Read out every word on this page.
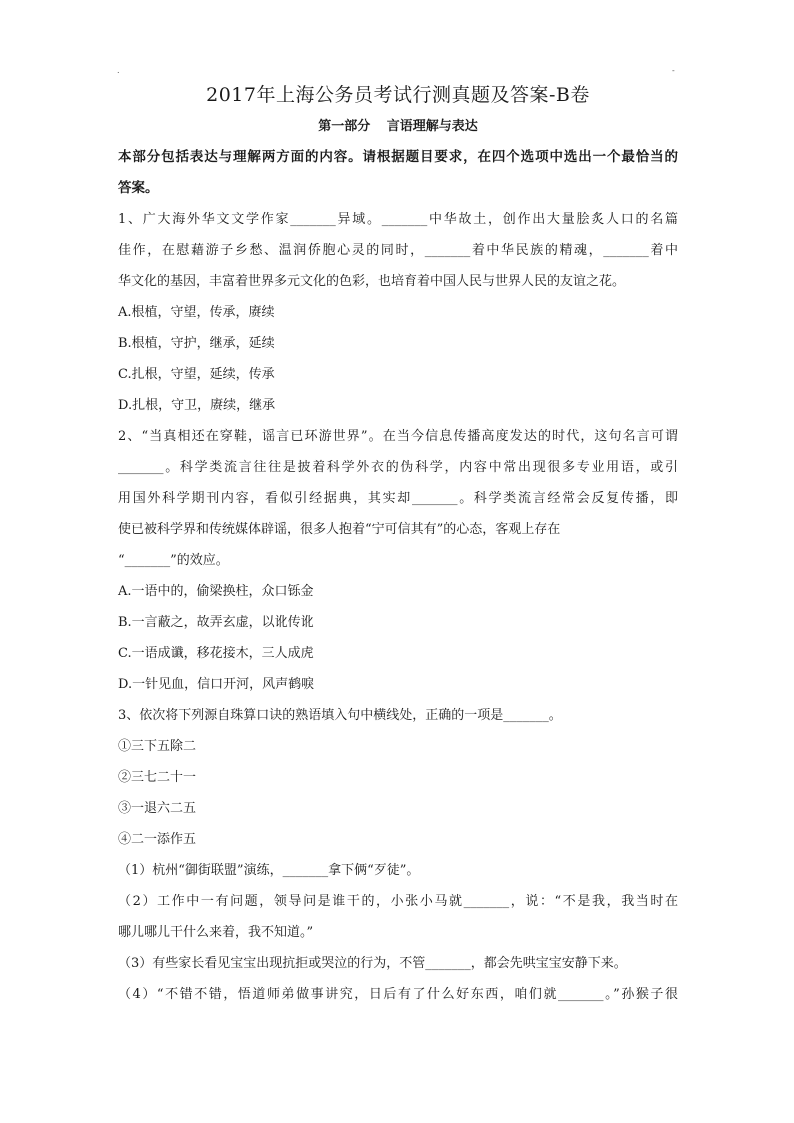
.	-
2017年上海公务员考试行测真题及答案-B卷
第一部分 言语理解与表达

本部分包括表达与理解两方面的内容。请根据题目要求，在四个选项中选出一个最恰当的

答案。

1、广大海外华文文学作家_______异域。_______中华故土，创作出大量脍炙人口的名篇

佳作，在慰藉游子乡愁、温润侨胞心灵的同时，_______着中华民族的精魂，_______着中

华文化的基因，丰富着世界多元文化的色彩，也培育着中国人民与世界人民的友谊之花。

A.根植，守望，传承，赓续

B.根植，守护，继承，延续

C.扎根，守望，延续，传承

D.扎根，守卫，赓续，继承

2、“当真相还在穿鞋，谣言已环游世界”。在当今信息传播高度发达的时代，这句名言可谓

_______。科学类流言往往是披着科学外衣的伪科学，内容中常出现很多专业用语，或引

用国外科学期刊内容，看似引经据典，其实却_______。科学类流言经常会反复传播，即

使已被科学界和传统媒体辟谣，很多人抱着“宁可信其有”的心态，客观上存在

“_______”的效应。

A.一语中的，偷梁换柱，众口铄金

B.一言蔽之，故弄玄虚，以讹传讹

C.一语成谶，移花接木，三人成虎

D.一针见血，信口开河，风声鹤唳

3、依次将下列源自珠算口诀的熟语填入句中横线处，正确的一项是_______。

①三下五除二

②三七二十一

③一退六二五

④二一添作五

（1）杭州“御街联盟”演练，_______拿下俩“歹徒”。

（2）工作中一有问题，领导问是谁干的，小张小马就_______，说：“不是我，我当时在

哪儿哪儿干什么来着，我不知道。”

（3）有些家长看见宝宝出现抗拒或哭泣的行为，不管_______，都会先哄宝宝安静下来。

（4）“不错不错，悟道师弟做事讲究，日后有了什么好东西，咱们就_______。”孙猴子很
